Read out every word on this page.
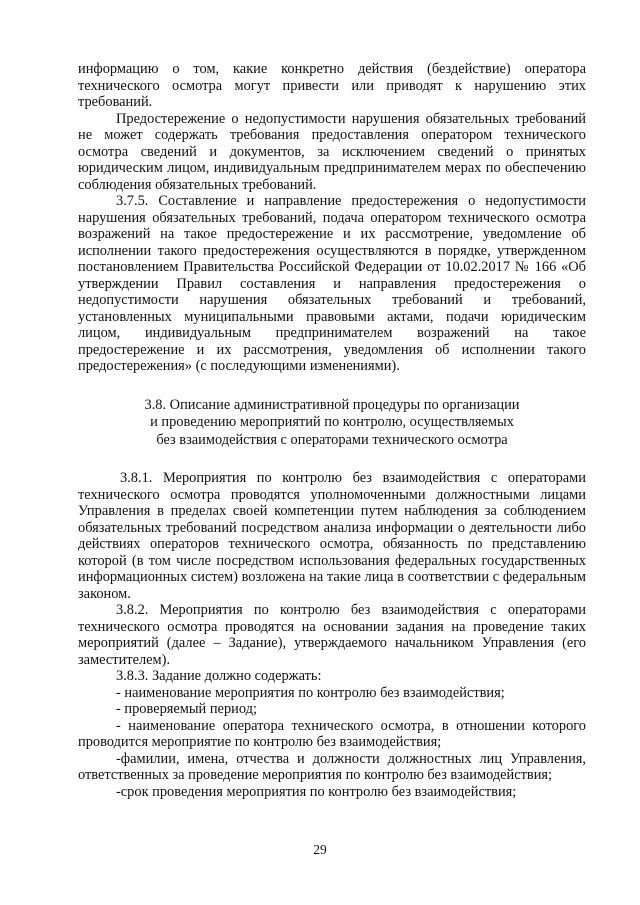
информацию о том, какие конкретно действия (бездействие) оператора технического осмотра могут привести или приводят к нарушению этих требований.

Предостережение о недопустимости нарушения обязательных требований не может содержать требования предоставления оператором технического осмотра сведений и документов, за исключением сведений о принятых юридическим лицом, индивидуальным предпринимателем мерах по обеспечению соблюдения обязательных требований.

3.7.5. Составление и направление предостережения о недопустимости нарушения обязательных требований, подача оператором технического осмотра возражений на такое предостережение и их рассмотрение, уведомление об исполнении такого предостережения осуществляются в порядке, утвержденном постановлением Правительства Российской Федерации от 10.02.2017 № 166 «Об утверждении Правил составления и направления предостережения о недопустимости нарушения обязательных требований и требований, установленных муниципальными правовыми актами, подачи юридическим лицом, индивидуальным предпринимателем возражений на такое предостережение и их рассмотрения, уведомления об исполнении такого предостережения» (с последующими изменениями).

3.8. Описание административной процедуры по организации
и проведению мероприятий по контролю, осуществляемых
без взаимодействия с операторами технического осмотра

3.8.1. Мероприятия по контролю без взаимодействия с операторами технического осмотра проводятся уполномоченными должностными лицами Управления в пределах своей компетенции путем наблюдения за соблюдением обязательных требований посредством анализа информации о деятельности либо действиях операторов технического осмотра, обязанность по представлению которой (в том числе посредством использования федеральных государственных информационных систем) возложена на такие лица в соответствии с федеральным законом.

3.8.2. Мероприятия по контролю без взаимодействия с операторами технического осмотра проводятся на основании задания на проведение таких мероприятий (далее – Задание), утверждаемого начальником Управления (его заместителем).

3.8.3. Задание должно содержать:

- наименование мероприятия по контролю без взаимодействия;

- проверяемый период;

- наименование оператора технического осмотра, в отношении которого проводится мероприятие по контролю без взаимодействия;

-фамилии, имена, отчества и должности должностных лиц Управления, ответственных за проведение мероприятия по контролю без взаимодействия;

-срок проведения мероприятия по контролю без взаимодействия;

29
